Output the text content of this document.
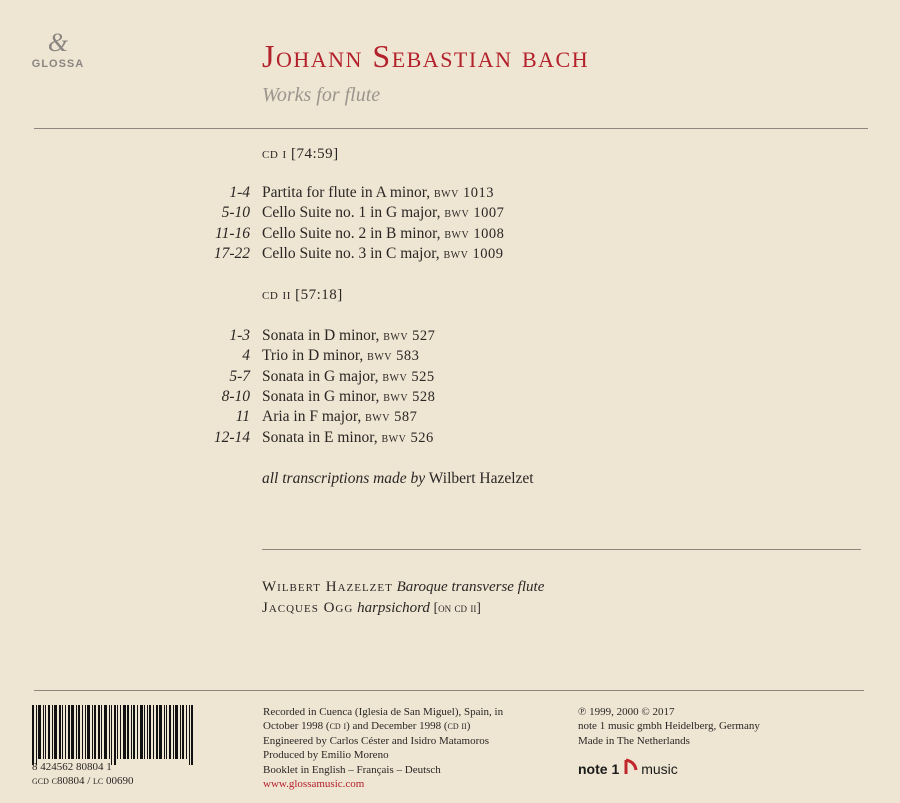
&
GLOSSA	Johann Sebastian bach
Works for flute
cd i [74:59]
1-4 Partita for flute in A minor, bwv 1013
5-10 Cello Suite no. 1 in G major, bwv 1007
11-16 Cello Suite no. 2 in B minor, bwv 1008
17-22 Cello Suite no. 3 in C major, bwv 1009
cd ii [57:18]
1-3 Sonata in D minor, bwv 527
4 Trio in D minor, bwv 583
5-7 Sonata in G major, bwv 525
8-10 Sonata in G minor, bwv 528
11 Aria in F major, bwv 587
12-14 Sonata in E minor, bwv 526
all transcriptions made by Wilbert Hazelzet
Wilbert Hazelzet Baroque transverse flute
Jacques Ogg harpsichord [on cd ii]
8 424562 80804 1
gcd c80804 / lc 00690
Recorded in Cuenca (Iglesia de San Miguel), Spain, in
October 1998 (cd i) and December 1998 (cd ii)
Engineered by Carlos Céster and Isidro Matamoros
Produced by Emilio Moreno
Booklet in English – Français – Deutsch
www.glossamusic.com
℗ 1999, 2000 © 2017
note 1 music gmbh Heidelberg, Germany
Made in The Netherlands
note 1 music
